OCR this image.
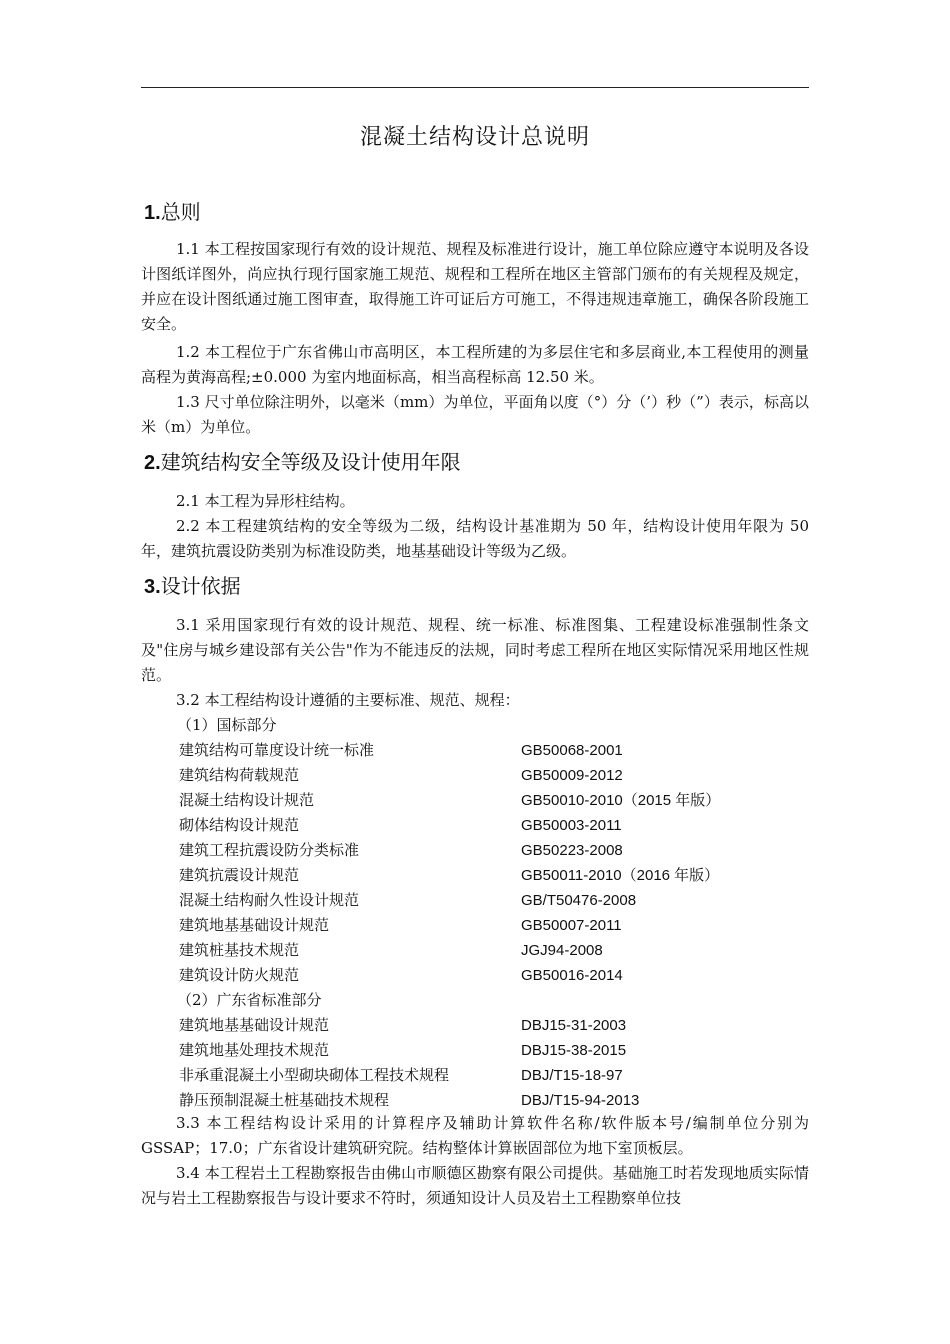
混凝土结构设计总说明
1.总则
1.1 本工程按国家现行有效的设计规范、规程及标准进行设计，施工单位除应遵守本说明及各设计图纸详图外，尚应执行现行国家施工规范、规程和工程所在地区主管部门颁布的有关规程及规定，并应在设计图纸通过施工图审查，取得施工许可证后方可施工，不得违规违章施工，确保各阶段施工安全。
1.2 本工程位于广东省佛山市高明区，本工程所建的为多层住宅和多层商业,本工程使用的测量高程为黄海高程;±0.000 为室内地面标高，相当高程标高 12.50 米。
1.3 尺寸单位除注明外，以毫米（mm）为单位，平面角以度（°）分（’）秒（”）表示，标高以米（m）为单位。
2.建筑结构安全等级及设计使用年限
2.1 本工程为异形柱结构。
2.2 本工程建筑结构的安全等级为二级，结构设计基准期为 50 年，结构设计使用年限为 50 年，建筑抗震设防类别为标准设防类，地基基础设计等级为乙级。
3.设计依据
3.1 采用国家现行有效的设计规范、规程、统一标准、标准图集、工程建设标准强制性条文及"住房与城乡建设部有关公告"作为不能违反的法规，同时考虑工程所在地区实际情况采用地区性规范。
3.2 本工程结构设计遵循的主要标准、规范、规程：
（1）国标部分
建筑结构可靠度设计统一标准	GB50068-2001
建筑结构荷载规范	GB50009-2012
混凝土结构设计规范	GB50010-2010（2015 年版）
砌体结构设计规范	GB50003-2011
建筑工程抗震设防分类标准	GB50223-2008
建筑抗震设计规范	GB50011-2010（2016 年版）
混凝土结构耐久性设计规范	GB/T50476-2008
建筑地基基础设计规范	GB50007-2011
建筑桩基技术规范	JGJ94-2008
建筑设计防火规范	GB50016-2014
（2）广东省标准部分
建筑地基基础设计规范	DBJ15-31-2003
建筑地基处理技术规范	DBJ15-38-2015
非承重混凝土小型砌块砌体工程技术规程	DBJ/T15-18-97
静压预制混凝土桩基础技术规程	DBJ/T15-94-2013
3.3 本工程结构设计采用的计算程序及辅助计算软件名称/软件版本号/编制单位分别为 GSSAP；17.0；广东省设计建筑研究院。结构整体计算嵌固部位为地下室顶板层。
3.4 本工程岩土工程勘察报告由佛山市顺德区勘察有限公司提供。基础施工时若发现地质实际情况与岩土工程勘察报告与设计要求不符时，须通知设计人员及岩土工程勘察单位技
